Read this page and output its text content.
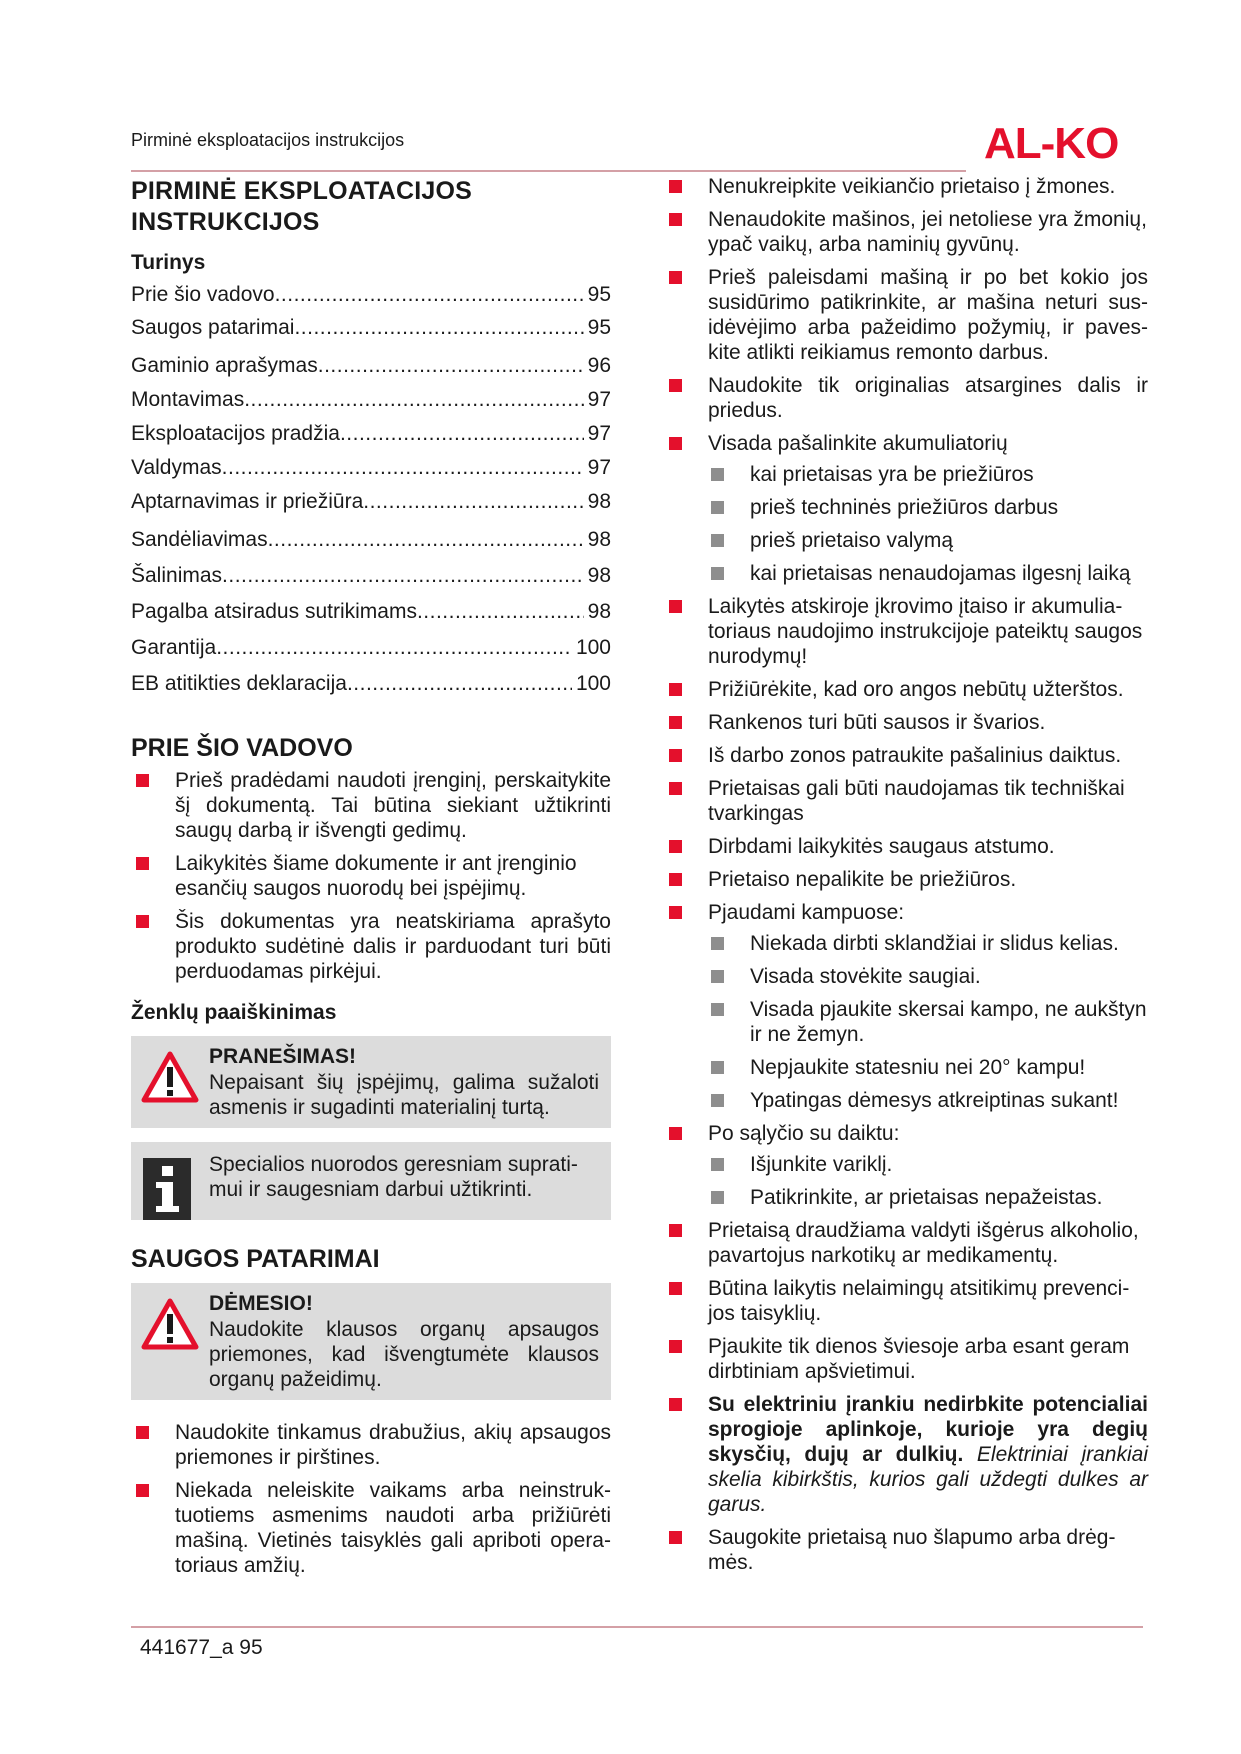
Pirminė eksploatacijos instrukcijos	AL-KO
PIRMINĖ EKSPLOATACIJOS
INSTRUKCIJOS
Turinys
Prie šio vadovo .....	95
Saugos patarimai .....	95
Gaminio aprašymas .....	96
Montavimas .....	97
Eksploatacijos pradžia .....	97
Valdymas .....	97
Aptarnavimas ir priežiūra .....	98
Sandėliavimas .....	98
Šalinimas .....	98
Pagalba atsiradus sutrikimams .....	98
Garantija .....	100
EB atitikties deklaracija .....	100
PRIE ŠIO VADOVO
Prieš pradėdami naudoti įrenginį, perskaitykite šį dokumentą. Tai būtina siekiant užtikrinti saugų darbą ir išvengti gedimų.
Laikykitės šiame dokumente ir ant įrenginio esančių saugos nuorodų bei įspėjimų.
Šis dokumentas yra neatskiriama aprašyto produkto sudėtinė dalis ir parduodant turi būti perduodamas pirkėjui.
Ženklų paaiškinimas
PRANEŠIMAS!
Nepaisant šių įspėjimų, galima sužaloti asmenis ir sugadinti materialinį turtą.
Specialios nuorodos geresniam supratimui ir saugesniam darbui užtikrinti.
SAUGOS PATARIMAI
DĖMESIO!
Naudokite klausos organų apsaugos priemones, kad išvengtumėte klausos organų pažeidimų.
Naudokite tinkamus drabužius, akių apsaugos priemones ir pirštines.
Niekada neleiskite vaikams arba neinstruktuotiems asmenims naudoti arba prižiūrėti mašiną. Vietinės taisyklės gali apriboti operatoriaus amžių.
Nenukreipkite veikiančio prietaiso į žmones.
Nenaudokite mašinos, jei netoliese yra žmonių, ypač vaikų, arba naminių gyvūnų.
Prieš paleisdami mašiną ir po bet kokio jos susidūrimo patikrinkite, ar mašina neturi susidėvėjimo arba pažeidimo požymių, ir paveskite atlikti reikiamus remonto darbus.
Naudokite tik originalias atsargines dalis ir priedus.
Visada pašalinkite akumuliatorių
kai prietaisas yra be priežiūros
prieš techninės priežiūros darbus
prieš prietaiso valymą
kai prietaisas nenaudojamas ilgesnį laiką
Laikytės atskiroje įkrovimo įtaiso ir akumuliatoriaus naudojimo instrukcijoje pateiktų saugos nurodymų!
Prižiūrėkite, kad oro angos nebūtų užterštos.
Rankenos turi būti sausos ir švarios.
Iš darbo zonos patraukite pašalinius daiktus.
Prietaisas gali būti naudojamas tik techniškai tvarkingas
Dirbdami laikykitės saugaus atstumo.
Prietaiso nepalikite be priežiūros.
Pjaudami kampuose:
Niekada dirbti sklandžiai ir slidus kelias.
Visada stovėkite saugiai.
Visada pjaukite skersai kampo, ne aukštyn ir ne žemyn.
Nepjaukite statesniu nei 20° kampu!
Ypatingas dėmesys atkreiptinas sukant!
Po sąlyčio su daiktu:
Išjunkite variklį.
Patikrinkite, ar prietaisas nepažeistas.
Prietaisą draudžiama valdyti išgėrus alkoholio, pavartojus narkotikų ar medikamentų.
Būtina laikytis nelaimingų atsitikimų prevencijos taisyklių.
Pjaukite tik dienos šviesoje arba esant geram dirbtiniam apšvietimui.
Su elektriniu įrankiu nedirbkite potencialiai sprogioje aplinkoje, kurioje yra degių skysčių, dujų ar dulkių. Elektriniai įrankiai skelia kibirkštis, kurios gali uždegti dulkes ar garus.
Saugokite prietaisą nuo šlapumo arba drėgmės.
441677_a 95
